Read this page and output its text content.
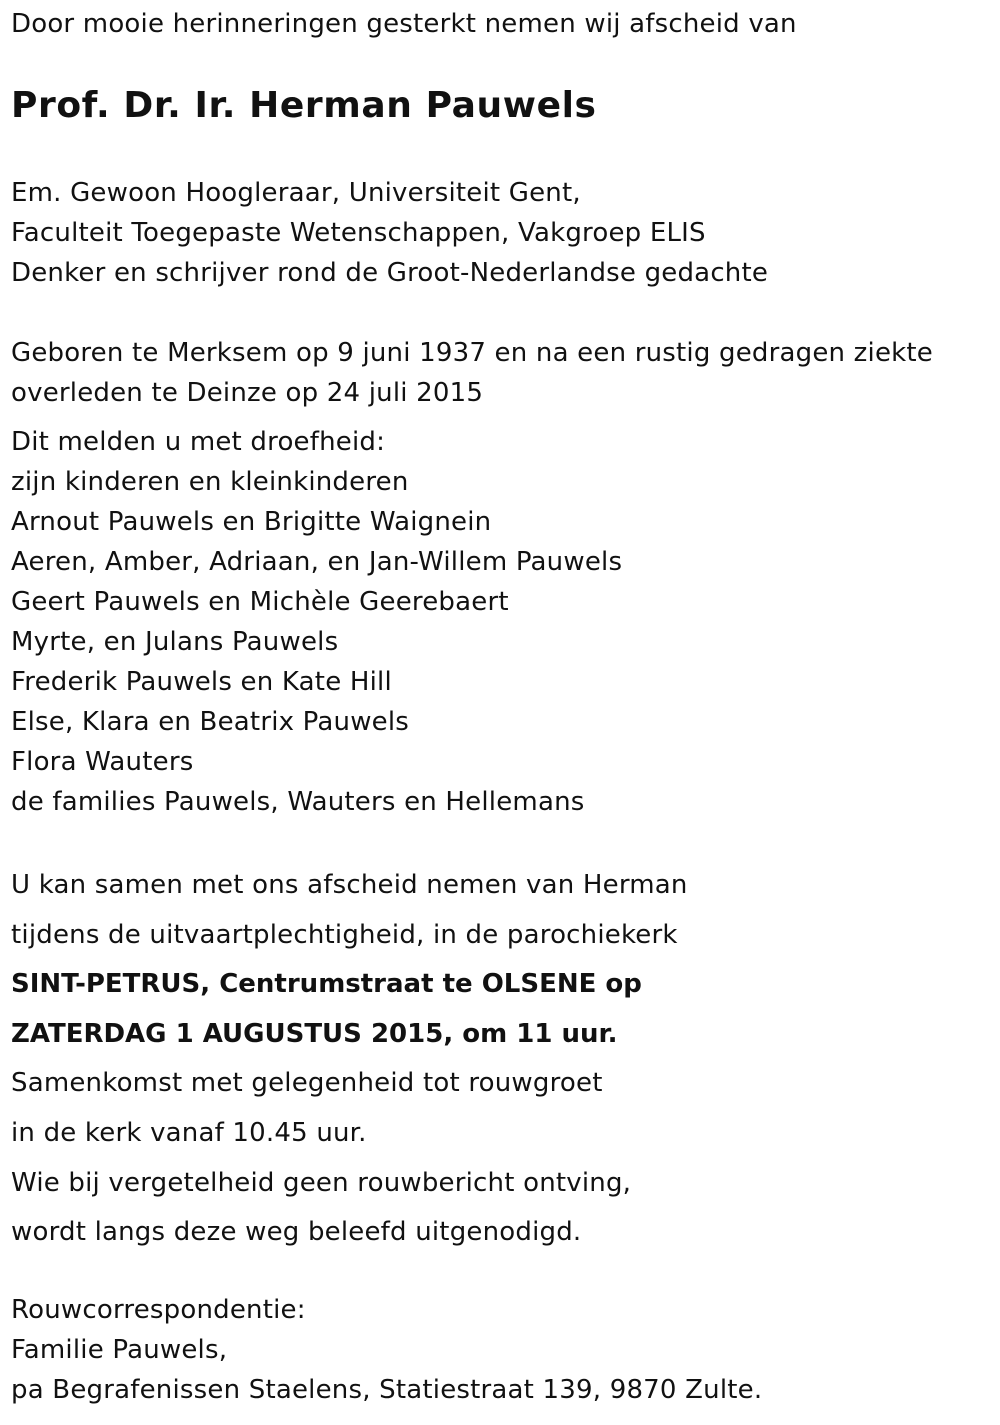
Door mooie herinneringen gesterkt nemen wij afscheid van
Prof. Dr. Ir. Herman Pauwels
Em. Gewoon Hoogleraar, Universiteit Gent,
Faculteit Toegepaste Wetenschappen, Vakgroep ELIS
Denker en schrijver rond de Groot-Nederlandse gedachte
Geboren te Merksem op 9 juni 1937 en na een rustig gedragen ziekte
overleden te Deinze op 24 juli 2015
Dit melden u met droefheid:
zijn kinderen en kleinkinderen
Arnout Pauwels en Brigitte Waignein
Aeren, Amber, Adriaan, en Jan-Willem Pauwels
Geert Pauwels en Michèle Geerebaert
Myrte, en Julans Pauwels
Frederik Pauwels en Kate Hill
Else, Klara en Beatrix Pauwels
Flora Wauters
de families Pauwels, Wauters en Hellemans
U kan samen met ons afscheid nemen van Herman
tijdens de uitvaartplechtigheid, in de parochiekerk
SINT-PETRUS, Centrumstraat te OLSENE op
ZATERDAG 1 AUGUSTUS 2015, om 11 uur.
Samenkomst met gelegenheid tot rouwgroet
in de kerk vanaf 10.45 uur.
Wie bij vergetelheid geen rouwbericht ontving,
wordt langs deze weg beleefd uitgenodigd.
Rouwcorrespondentie:
Familie Pauwels,
pa Begrafenissen Staelens, Statiestraat 139, 9870 Zulte.
